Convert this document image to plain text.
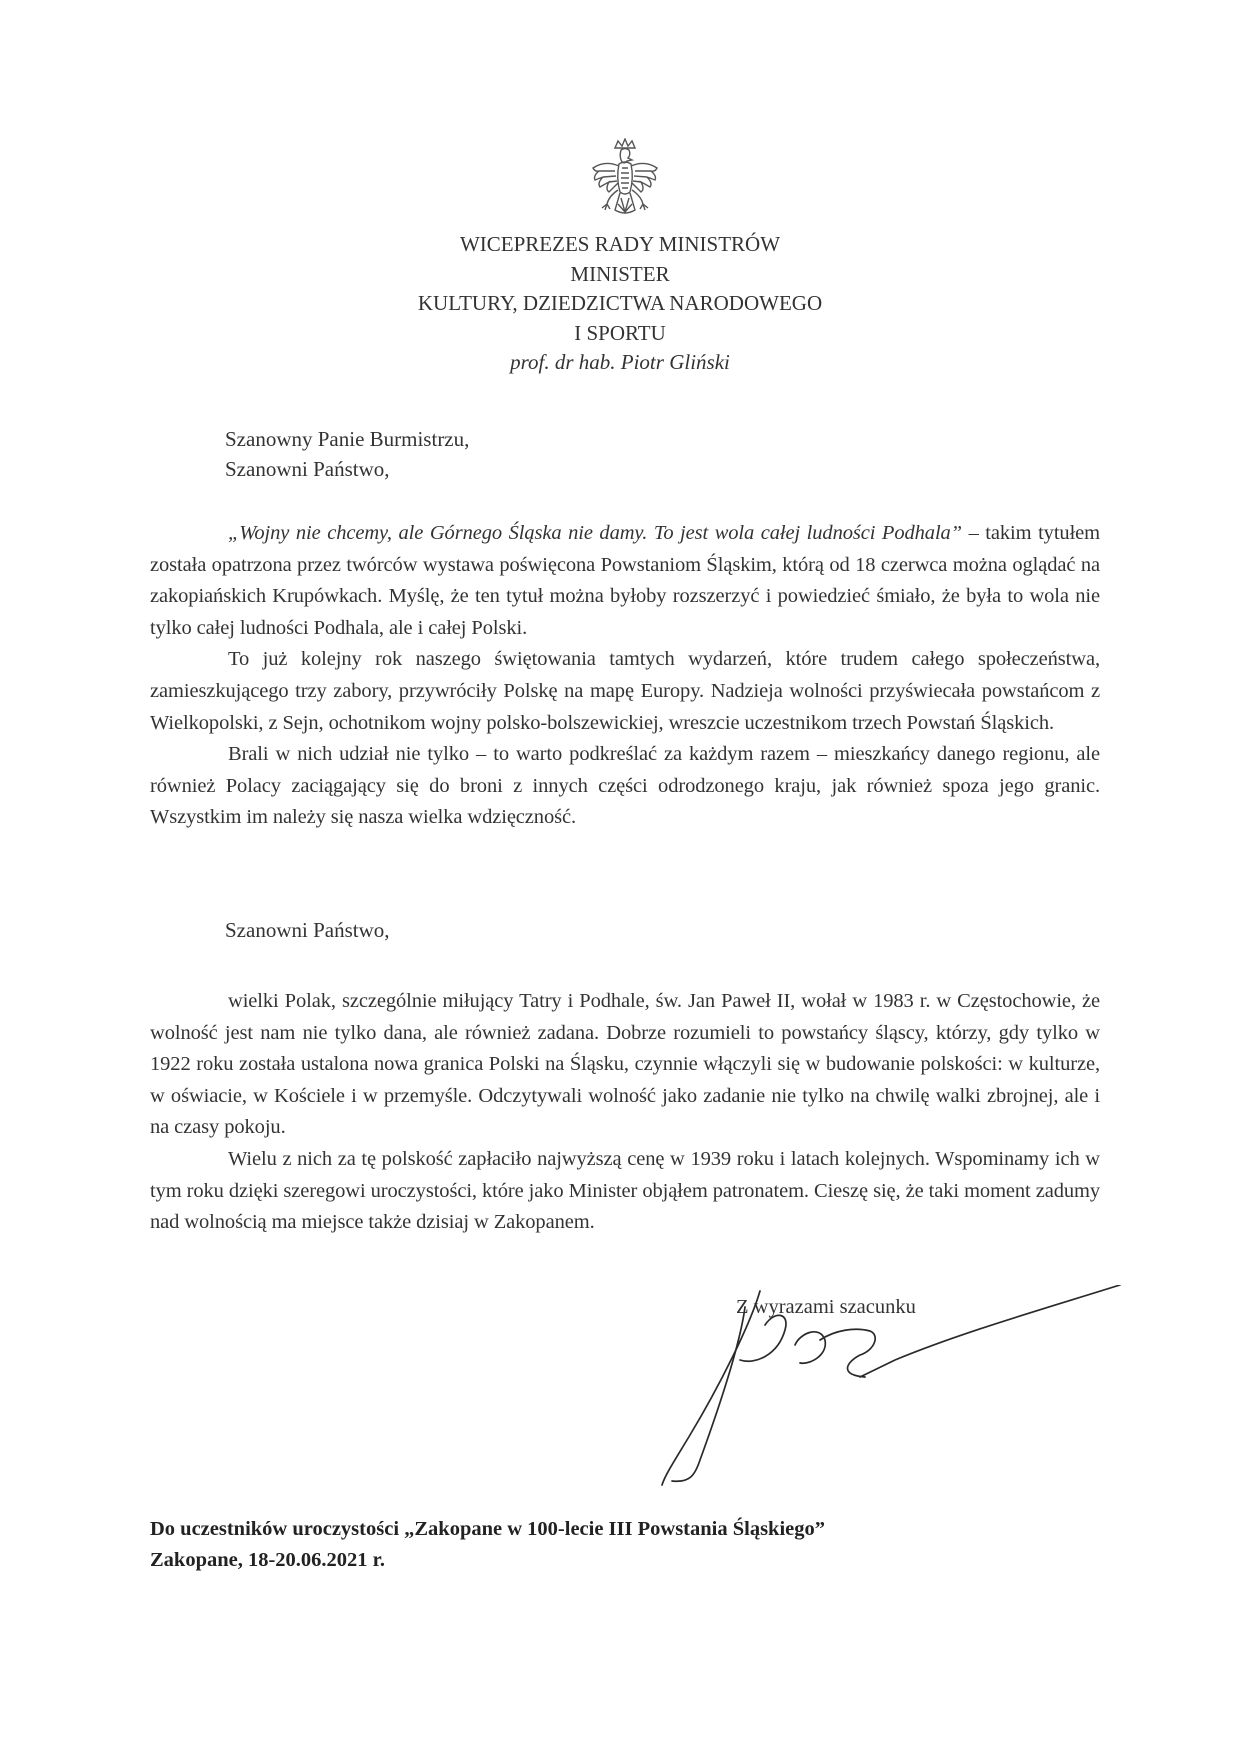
WICEPREZES RADY MINISTRÓW
MINISTER
KULTURY, DZIEDZICTWA NARODOWEGO
I SPORTU
prof. dr hab. Piotr Gliński
Szanowny Panie Burmistrzu,
Szanowni Państwo,

„Wojny nie chcemy, ale Górnego Śląska nie damy. To jest wola całej ludności Podhala” – takim tytułem została opatrzona przez twórców wystawa poświęcona Powstaniom Śląskim, którą od 18 czerwca można oglądać na zakopiańskich Krupówkach. Myślę, że ten tytuł można byłoby rozszerzyć i powiedzieć śmiało, że była to wola nie tylko całej ludności Podhala, ale i całej Polski.

To już kolejny rok naszego świętowania tamtych wydarzeń, które trudem całego społeczeństwa, zamieszkującego trzy zabory, przywróciły Polskę na mapę Europy. Nadzieja wolności przyświecała powstańcom z Wielkopolski, z Sejn, ochotnikom wojny polsko-bolszewickiej, wreszcie uczestnikom trzech Powstań Śląskich.

Brali w nich udział nie tylko – to warto podkreślać za każdym razem – mieszkańcy danego regionu, ale również Polacy zaciągający się do broni z innych części odrodzonego kraju, jak również spoza jego granic. Wszystkim im należy się nasza wielka wdzięczność.

Szanowni Państwo,

wielki Polak, szczególnie miłujący Tatry i Podhale, św. Jan Paweł II, wołał w 1983 r. w Częstochowie, że wolność jest nam nie tylko dana, ale również zadana. Dobrze rozumieli to powstańcy śląscy, którzy, gdy tylko w 1922 roku została ustalona nowa granica Polski na Śląsku, czynnie włączyli się w budowanie polskości: w kulturze, w oświacie, w Kościele i w przemyśle. Odczytywali wolność jako zadanie nie tylko na chwilę walki zbrojnej, ale i na czasy pokoju.

Wielu z nich za tę polskość zapłaciło najwyższą cenę w 1939 roku i latach kolejnych. Wspominamy ich w tym roku dzięki szeregowi uroczystości, które jako Minister objąłem patronatem. Cieszę się, że taki moment zadumy nad wolnością ma miejsce także dzisiaj w Zakopanem.

Z wyrazami szacunku
Do uczestników uroczystości „Zakopane w 100-lecie III Powstania Śląskiego”
Zakopane, 18-20.06.2021 r.
